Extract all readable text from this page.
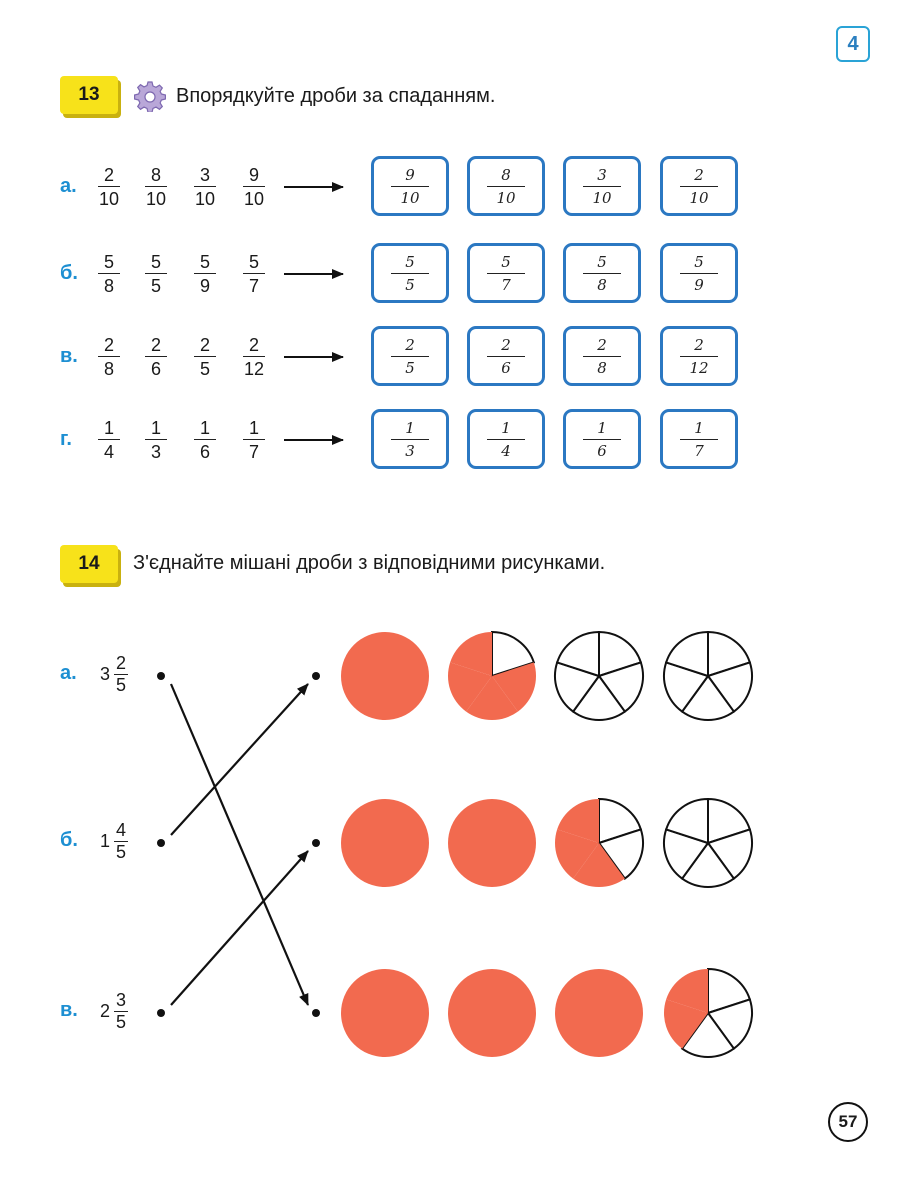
4
13	Впорядкуйте дроби за спаданням.
а. 2
10
8
10
3
10
9
10
9
10
8
10
3
10
2
10
б. 5
8
5
5
5
9
5
7
5
5
5
7
5
8
5
9
в. 2
8
2
6
2
5
2
12
2
5
2
6
2
8
2
12
г. 1
4
1
3
1
6
1
7
1
3
1
4
1
6
1
7
14 З'єднайте мішані дроби з відповідними рисунками.
а. 3
2
5
б. 1
4
5
в. 2
3
5
57
